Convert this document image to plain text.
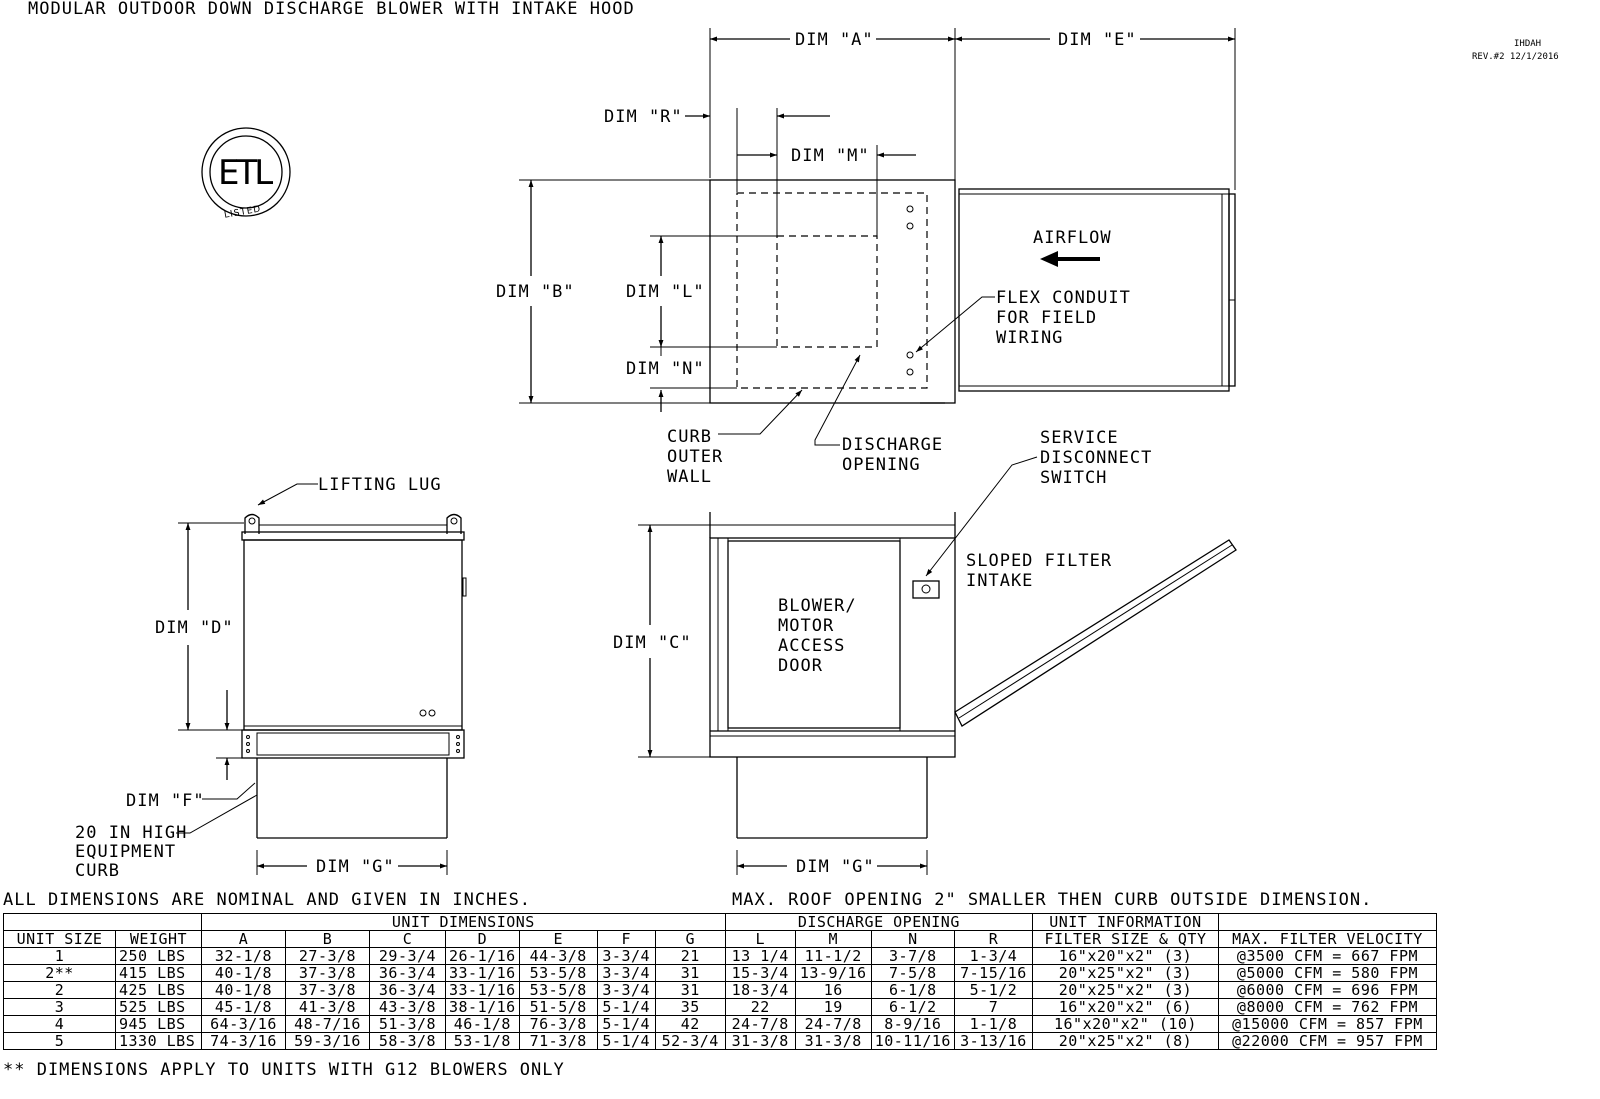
MODULAR OUTDOOR DOWN DISCHARGE BLOWER WITH INTAKE HOOD
IHDAH
REV.#2 12/1/2016
ETL
LISTED
DIM "A"	DIM "E"
DIM "R"
DIM "M"
DIM "B"	DIM "L"
DIM "N"
AIRFLOW
FLEX CONDUIT
FOR FIELD
WIRING
CURB
OUTER
WALL
DISCHARGE
OPENING
SERVICE
DISCONNECT
SWITCH
LIFTING LUG
DIM "D"
DIM "F"
20 IN HIGH
EQUIPMENT
CURB	DIM "G"
SLOPED FILTER
INTAKE
BLOWER/
MOTOR
ACCESS
DOOR
DIM "C"
DIM "G"
ALL DIMENSIONS ARE NOMINAL AND GIVEN IN INCHES.	MAX. ROOF OPENING 2" SMALLER THEN CURB OUTSIDE DIMENSION.
		UNIT DIMENSIONS							DISCHARGE OPENING				UNIT INFORMATION	
UNIT SIZE	WEIGHT	A	B	C	D	E	F	G	L	M	N	R	FILTER SIZE & QTY	MAX. FILTER VELOCITY
1	250 LBS	32-1/8	27-3/8	29-3/4	26-1/16	44-3/8	3-3/4	21	13 1/4	11-1/2	3-7/8	1-3/4	16"x20"x2" (3)	@3500 CFM = 667 FPM
2**	415 LBS	40-1/8	37-3/8	36-3/4	33-1/16	53-5/8	3-3/4	31	15-3/4	13-9/16	7-5/8	7-15/16	20"x25"x2" (3)	@5000 CFM = 580 FPM
2	425 LBS	40-1/8	37-3/8	36-3/4	33-1/16	53-5/8	3-3/4	31	18-3/4	16	6-1/8	5-1/2	20"x25"x2" (3)	@6000 CFM = 696 FPM
3	525 LBS	45-1/8	41-3/8	43-3/8	38-1/16	51-5/8	5-1/4	35	22	19	6-1/2	7	16"x20"x2" (6)	@8000 CFM = 762 FPM
4	945 LBS	64-3/16	48-7/16	51-3/8	46-1/8	76-3/8	5-1/4	42	24-7/8	24-7/8	8-9/16	1-1/8	16"x20"x2" (10)	@15000 CFM = 857 FPM
5	1330 LBS	74-3/16	59-3/16	58-3/8	53-1/8	71-3/8	5-1/4	52-3/4	31-3/8	31-3/8	10-11/16	3-13/16	20"x25"x2" (8)	@22000 CFM = 957 FPM
** DIMENSIONS APPLY TO UNITS WITH G12 BLOWERS ONLY
